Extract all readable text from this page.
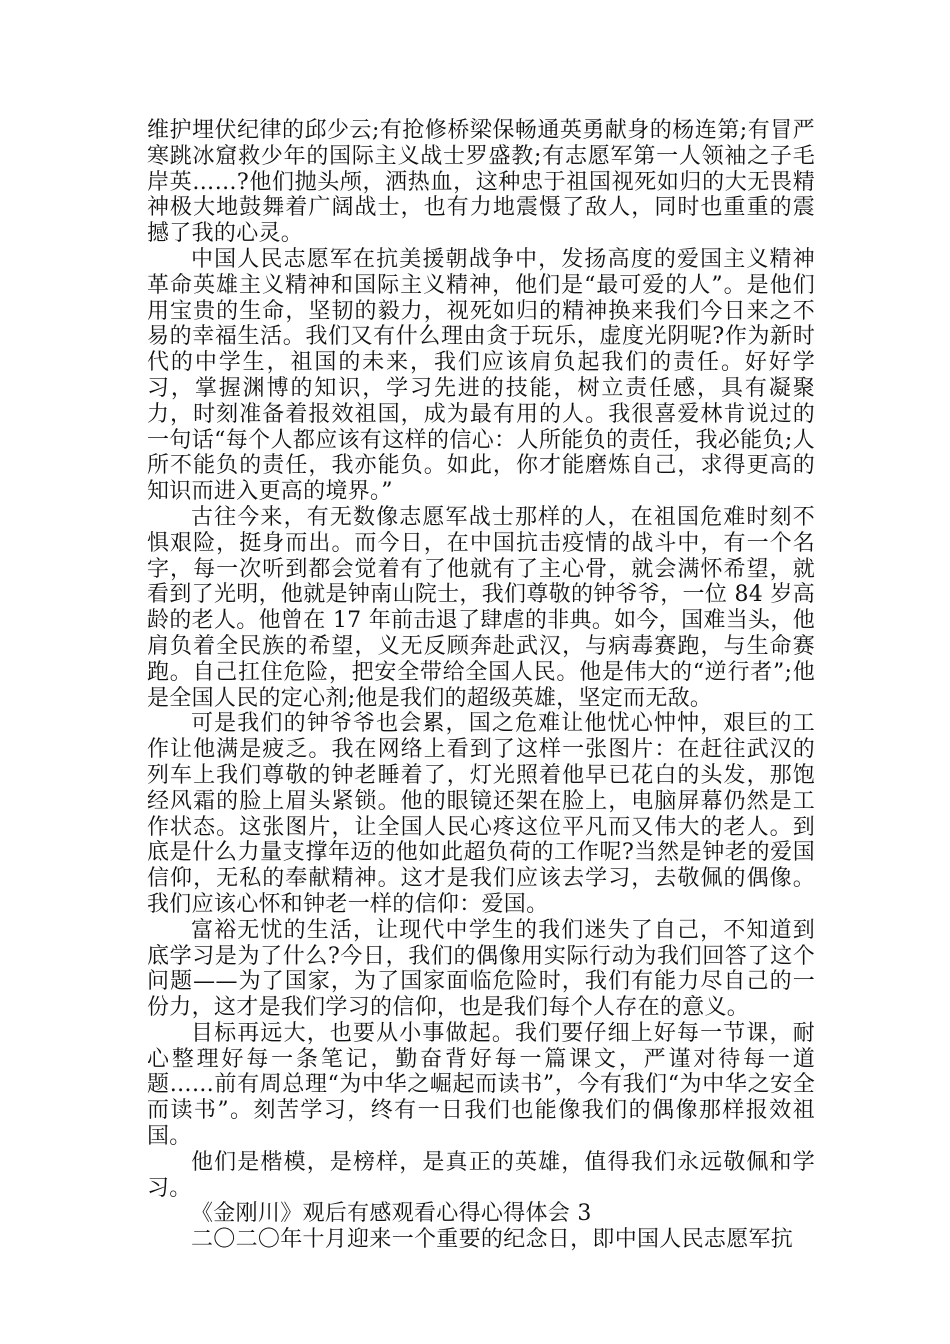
维护埋伏纪律的邱少云;有抢修桥梁保畅通英勇献身的杨连第;有冒严寒跳冰窟救少年的国际主义战士罗盛教;有志愿军第一人领袖之子毛岸英……?他们抛头颅，洒热血，这种忠于祖国视死如归的大无畏精神极大地鼓舞着广阔战士，也有力地震慑了敌人，同时也重重的震撼了我的心灵。

中国人民志愿军在抗美援朝战争中，发扬高度的爱国主义精神革命英雄主义精神和国际主义精神，他们是“最可爱的人”。是他们用宝贵的生命，坚韧的毅力，视死如归的精神换来我们今日来之不易的幸福生活。我们又有什么理由贪于玩乐，虚度光阴呢?作为新时代的中学生，祖国的未来，我们应该肩负起我们的责任。好好学习，掌握渊博的知识，学习先进的技能，树立责任感，具有凝聚力，时刻准备着报效祖国，成为最有用的人。我很喜爱林肯说过的一句话“每个人都应该有这样的信心：人所能负的责任，我必能负;人所不能负的责任，我亦能负。如此，你才能磨炼自己，求得更高的知识而进入更高的境界。”

古往今来，有无数像志愿军战士那样的人，在祖国危难时刻不惧艰险，挺身而出。而今日，在中国抗击疫情的战斗中，有一个名字，每一次听到都会觉着有了他就有了主心骨，就会满怀希望，就看到了光明，他就是钟南山院士，我们尊敬的钟爷爷，一位 84 岁高龄的老人。他曾在 17 年前击退了肆虐的非典。如今，国难当头，他肩负着全民族的希望，义无反顾奔赴武汉，与病毒赛跑，与生命赛跑。自己扛住危险，把安全带给全国人民。他是伟大的“逆行者”;他是全国人民的定心剂;他是我们的超级英雄，坚定而无敌。

可是我们的钟爷爷也会累，国之危难让他忧心忡忡，艰巨的工作让他满是疲乏。我在网络上看到了这样一张图片：在赶往武汉的列车上我们尊敬的钟老睡着了，灯光照着他早已花白的头发，那饱经风霜的脸上眉头紧锁。他的眼镜还架在脸上，电脑屏幕仍然是工作状态。这张图片，让全国人民心疼这位平凡而又伟大的老人。到底是什么力量支撑年迈的他如此超负荷的工作呢?当然是钟老的爱国信仰，无私的奉献精神。这才是我们应该去学习，去敬佩的偶像。我们应该心怀和钟老一样的信仰：爱国。

富裕无忧的生活，让现代中学生的我们迷失了自己，不知道到底学习是为了什么?今日，我们的偶像用实际行动为我们回答了这个问题——为了国家，为了国家面临危险时，我们有能力尽自己的一份力，这才是我们学习的信仰，也是我们每个人存在的意义。

目标再远大，也要从小事做起。我们要仔细上好每一节课，耐心整理好每一条笔记，勤奋背好每一篇课文，严谨对待每一道题……前有周总理“为中华之崛起而读书”，今有我们“为中华之安全而读书”。刻苦学习，终有一日我们也能像我们的偶像那样报效祖国。

他们是楷模，是榜样，是真正的英雄，值得我们永远敬佩和学习。

《金刚川》观后有感观看心得心得体会 3

二〇二〇年十月迎来一个重要的纪念日，即中国人民志愿军抗
